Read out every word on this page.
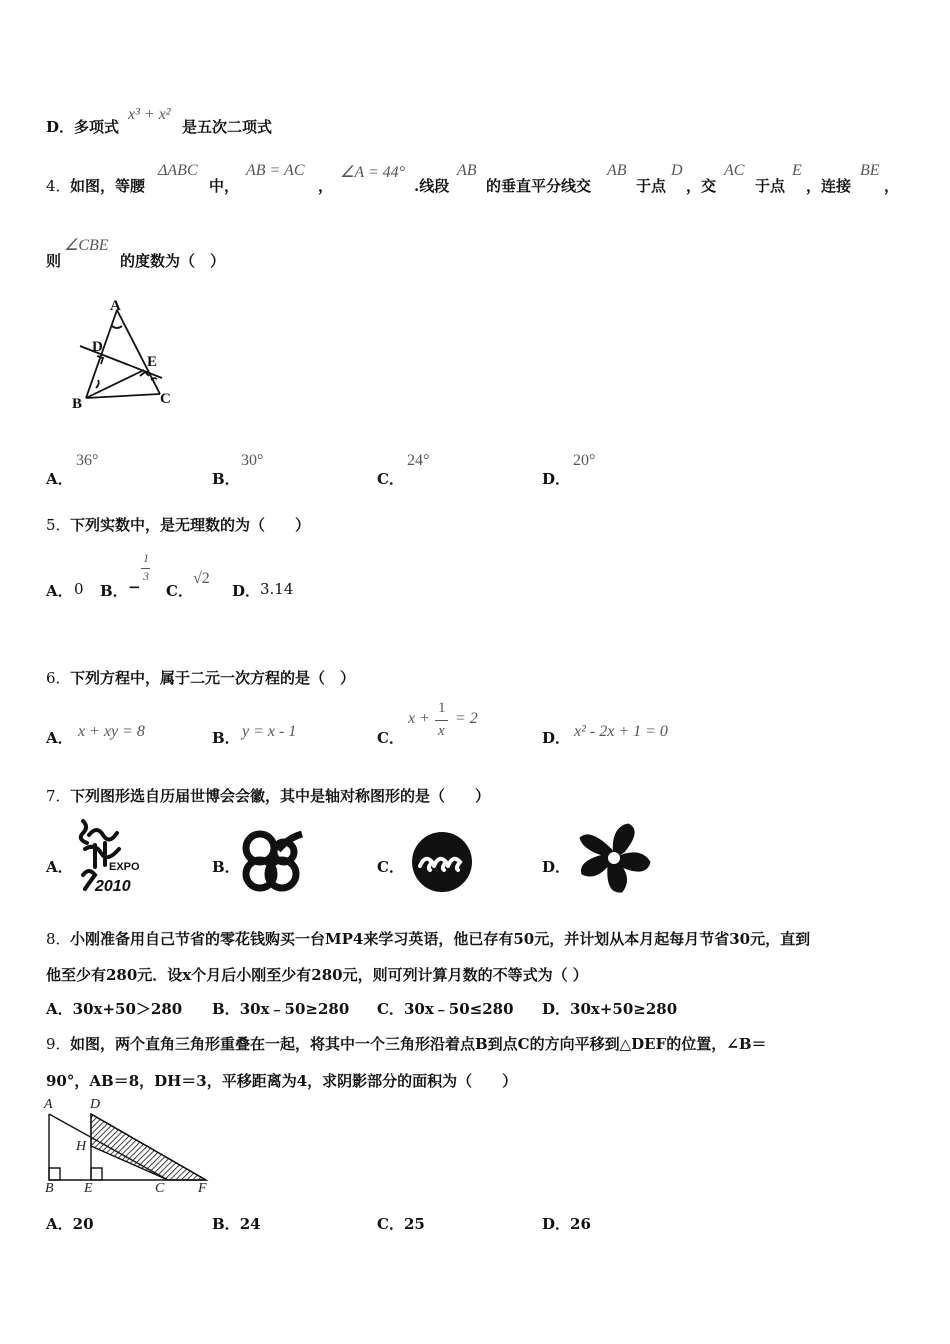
D．多项式
x³ + x²
是五次二项式
4． 如图，等腰
ΔABC
中，
AB = AC
，
∠A = 44°
.线段
AB
的垂直平分线交
AB
于点
D
，交
AC
于点
E
，连接
BE
，
则
∠CBE
的度数为（　）
A
D
E
B	C
A．
36°
B．
30°
C．
24°
D．
20°
5． 下列实数中，是无理数的为（　　）
A． 0 B． −
1
3
C．
√2
D． 3.14
6． 下列方程中，属于二元一次方程的是（　）
A． x + xy = 8	B． y = x - 1	C．
x +
1
x
= 2
D． x² - 2x + 1 = 0
7． 下列图形选自历届世博会会徽，其中是轴对称图形的是（　　）
A．	EXPO
2010
B．	C．	D．
8． 小刚准备用自己节省的零花钱购买一台MP4来学习英语，他已存有50元，并计划从本月起每月节省30元，直到
他至少有280元．设x个月后小刚至少有280元，则可列计算月数的不等式为（ ）
A．30x+50＞280 B．30x﹣50≥280 C．30x﹣50≤280 D．30x+50≥280
9． 如图，两个直角三角形重叠在一起，将其中一个三角形沿着点B到点C的方向平移到△DEF的位置，∠B＝
90°，AB＝8，DH＝3，平移距离为4，求阴影部分的面积为（　　）
A	D
H
B E	C F
A．20	B．24	C．25	D．26
